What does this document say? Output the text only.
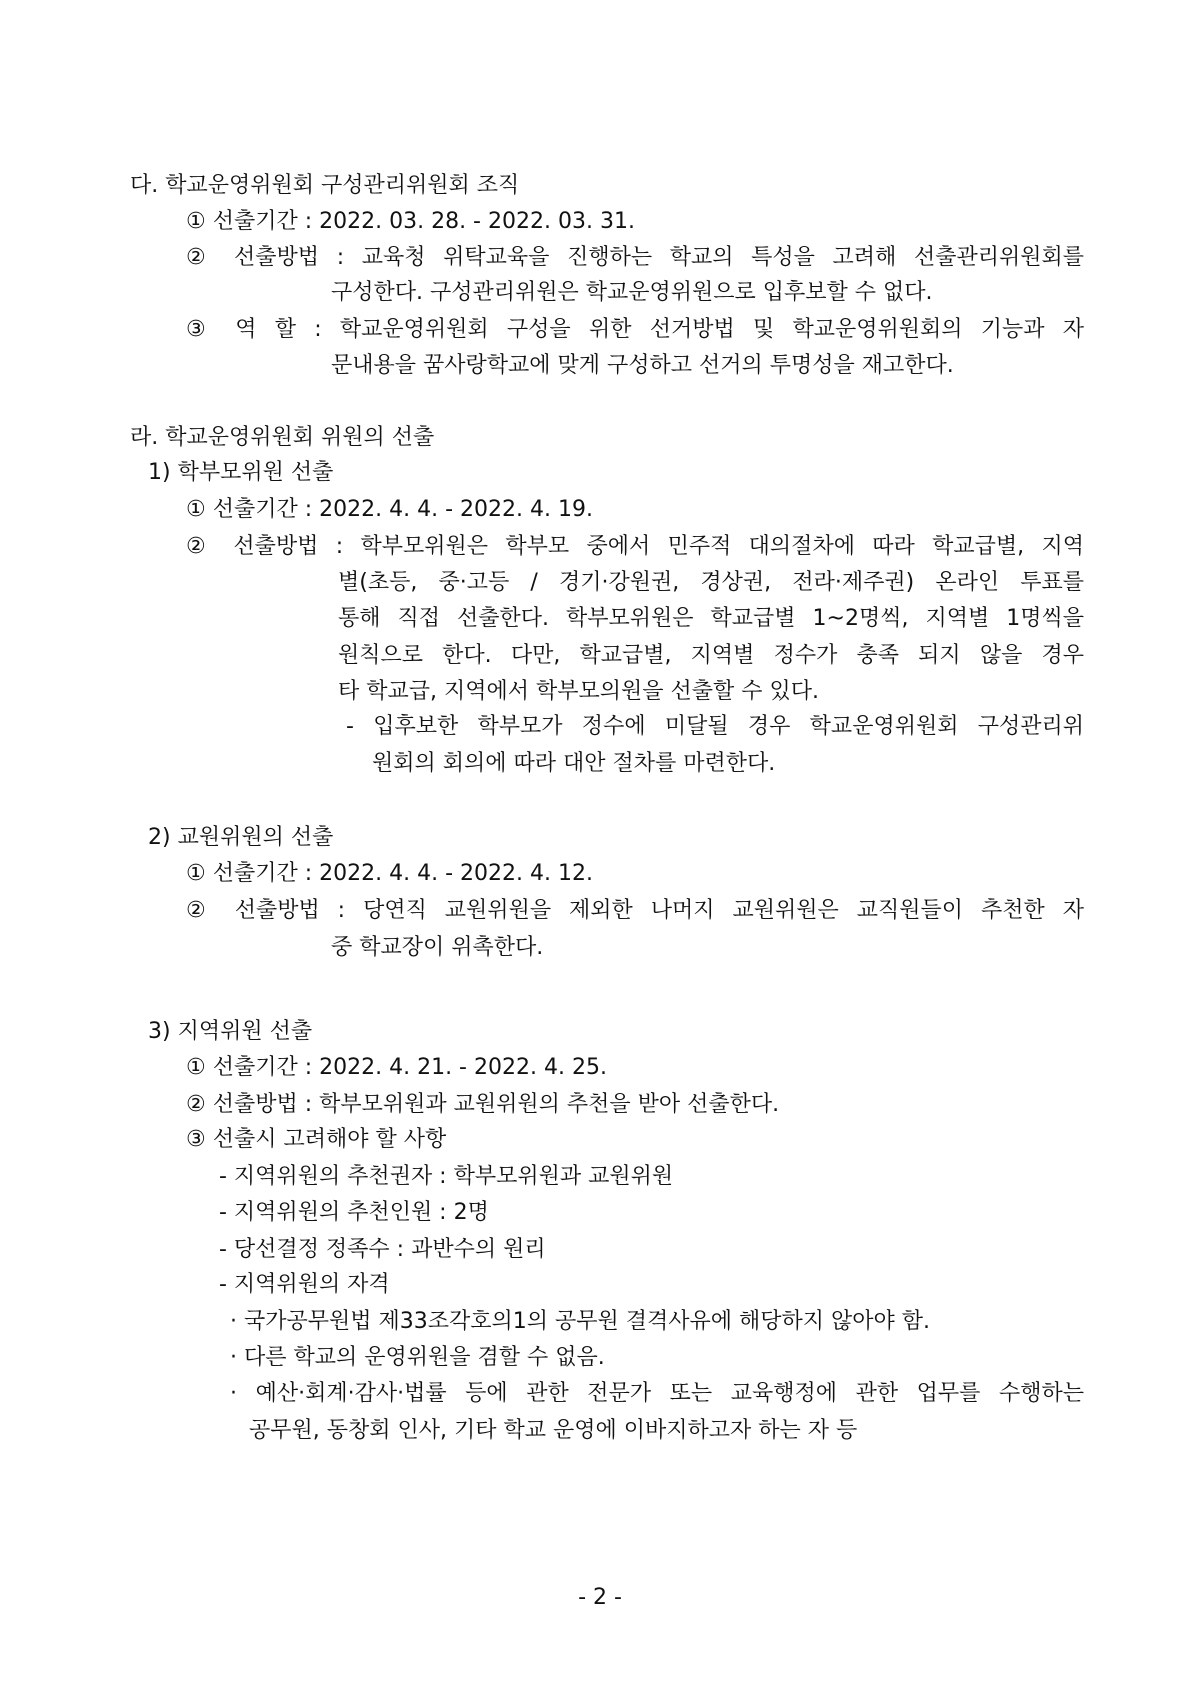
다. 학교운영위원회 구성관리위원회 조직
① 선출기간 : 2022. 03. 28. - 2022. 03. 31.
② 선출방법 : 교육청 위탁교육을 진행하는 학교의 특성을 고려해 선출관리위원회를
구성한다. 구성관리위원은 학교운영위원으로 입후보할 수 없다.
③ 역 할 : 학교운영위원회 구성을 위한 선거방법 및 학교운영위원회의 기능과 자
문내용을 꿈사랑학교에 맞게 구성하고 선거의 투명성을 재고한다.
라. 학교운영위원회 위원의 선출
1) 학부모위원 선출
① 선출기간 : 2022. 4. 4. - 2022. 4. 19.
② 선출방법 : 학부모위원은 학부모 중에서 민주적 대의절차에 따라 학교급별, 지역
별(초등, 중·고등 / 경기·강원권, 경상권, 전라·제주권) 온라인 투표를
통해 직접 선출한다. 학부모위원은 학교급별 1~2명씩, 지역별 1명씩을
원칙으로 한다. 다만, 학교급별, 지역별 정수가 충족 되지 않을 경우
타 학교급, 지역에서 학부모의원을 선출할 수 있다.
- 입후보한 학부모가 정수에 미달될 경우 학교운영위원회 구성관리위
원회의 회의에 따라 대안 절차를 마련한다.
2) 교원위원의 선출
① 선출기간 : 2022. 4. 4. - 2022. 4. 12.
② 선출방법 : 당연직 교원위원을 제외한 나머지 교원위원은 교직원들이 추천한 자
중 학교장이 위촉한다.
3) 지역위원 선출
① 선출기간 : 2022. 4. 21. - 2022. 4. 25.
② 선출방법 : 학부모위원과 교원위원의 추천을 받아 선출한다.
③ 선출시 고려해야 할 사항
- 지역위원의 추천권자 : 학부모위원과 교원위원
- 지역위원의 추천인원 : 2명
- 당선결정 정족수 : 과반수의 원리
- 지역위원의 자격
· 국가공무원법 제33조각호의1의 공무원 결격사유에 해당하지 않아야 함.
· 다른 학교의 운영위원을 겸할 수 없음.
· 예산·회계·감사·법률 등에 관한 전문가 또는 교육행정에 관한 업무를 수행하는
공무원, 동창회 인사, 기타 학교 운영에 이바지하고자 하는 자 등
- 2 -
